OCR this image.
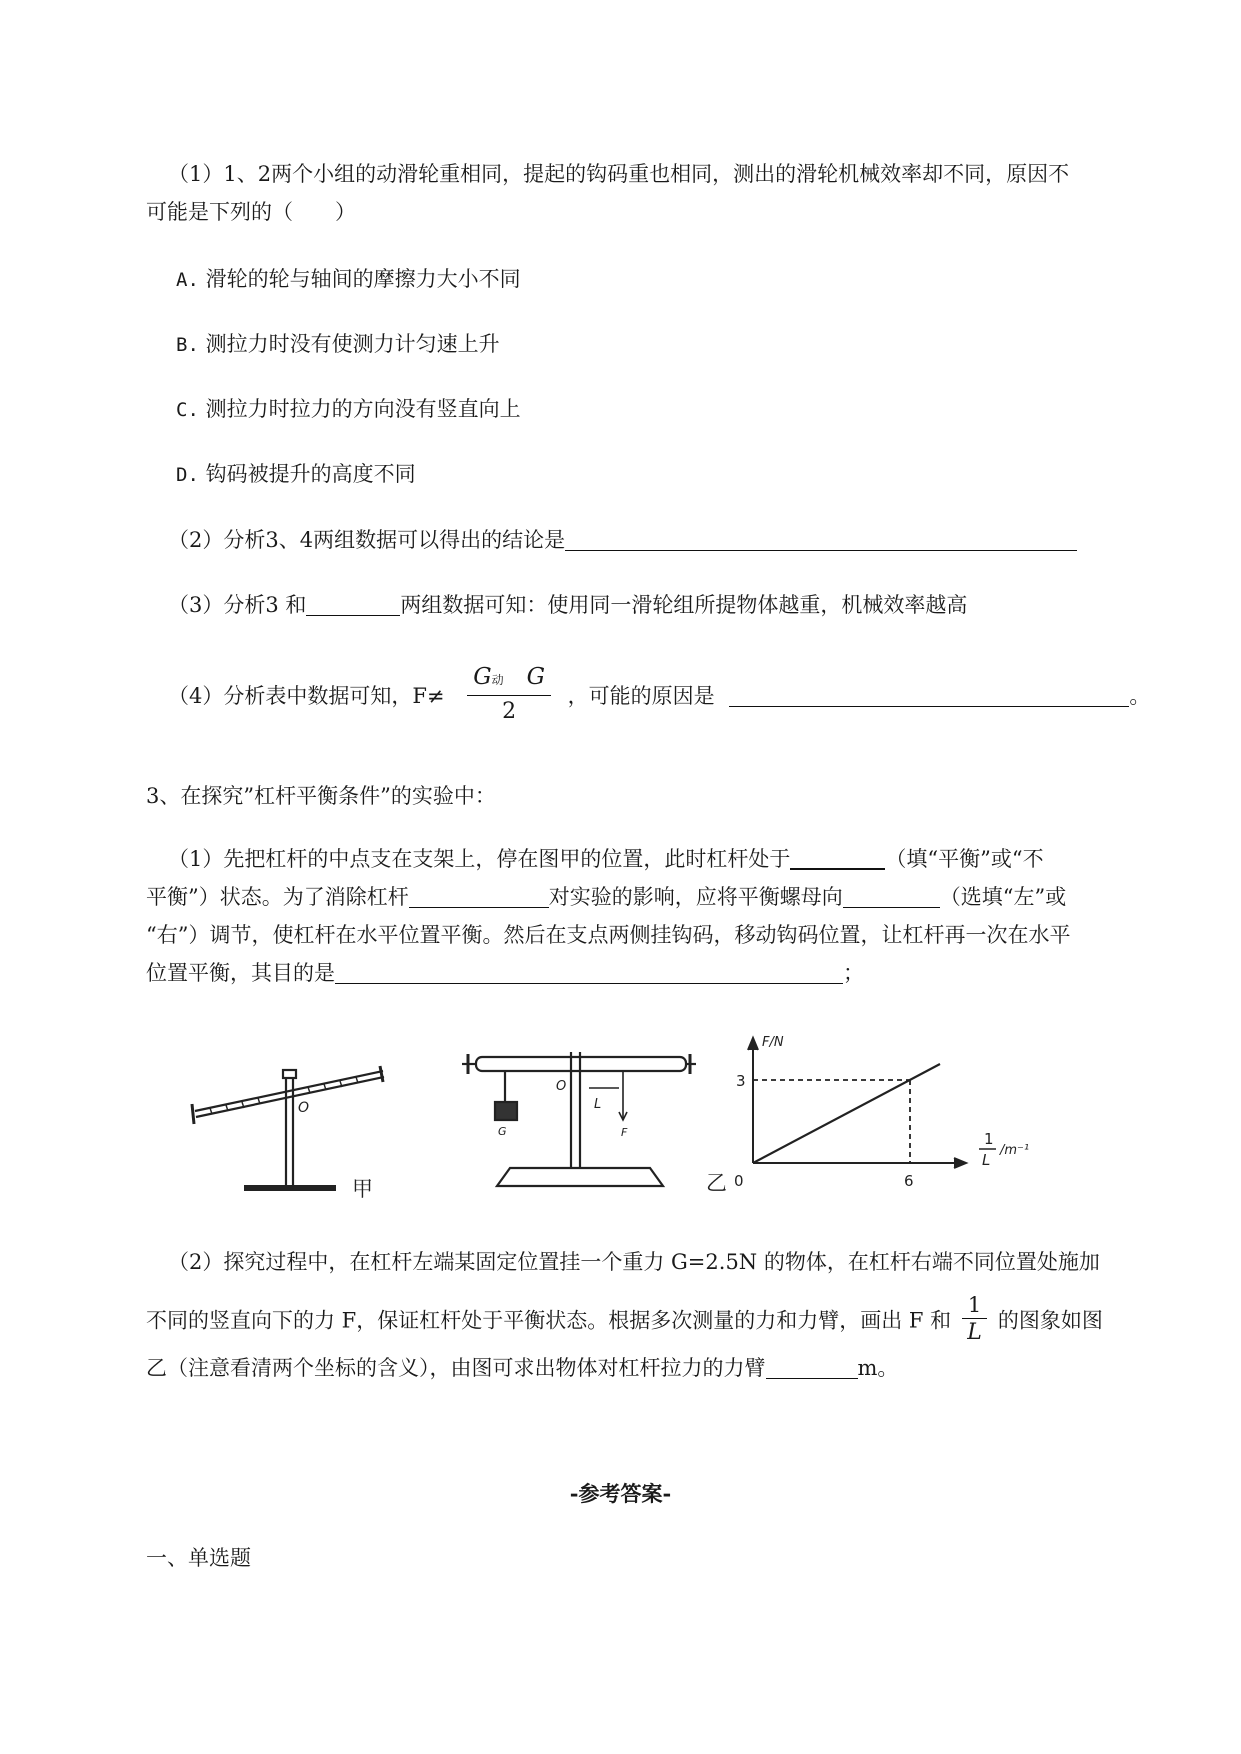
（1）1、2两个小组的动滑轮重相同，提起的钩码重也相同，测出的滑轮机械效率却不同，原因不
可能是下列的（　　）
A. 滑轮的轮与轴间的摩擦力大小不同
B. 测拉力时没有使测力计匀速上升
C. 测拉力时拉力的方向没有竖直向上
D. 钩码被提升的高度不同
（2）分析3、4两组数据可以得出的结论是
（3）分析3 和	两组数据可知：使用同一滑轮组所提物体越重，机械效率越高
（4）分析表中数据可知，$F\ne \frac{\text{G动  G}}{2}$ ，可能的原因是	。
3、在探究”杠杆平衡条件”的实验中：
（1）先把杠杆的中点支在支架上，停在图甲的位置，此时杠杆处于	（填“平衡”或“不
平衡”）状态。为了消除杠杆	对实验的影响，应将平衡螺母向	（选填“左”或
“右”）调节，使杠杆在水平位置平衡。然后在支点两侧挂钩码，移动钩码位置，让杠杆再一次在水平
位置平衡，其目的是	；
O
甲
O
L
F
G
F/N
3
6
0
乙
1
L
/m⁻¹
（2）探究过程中，在杠杆左端某固定位置挂一个重力 G=2.5N 的物体，在杠杆右端不同位置处施加
不同的竖直向下的力 F，保证杠杆处于平衡状态。根据多次测量的力和力臂，画出 F 和 $\frac{1}{L}$ 的图象如图
乙（注意看清两个坐标的含义），由图可求出物体对杠杆拉力的力臂	m。
-参考答案-
一、单选题
